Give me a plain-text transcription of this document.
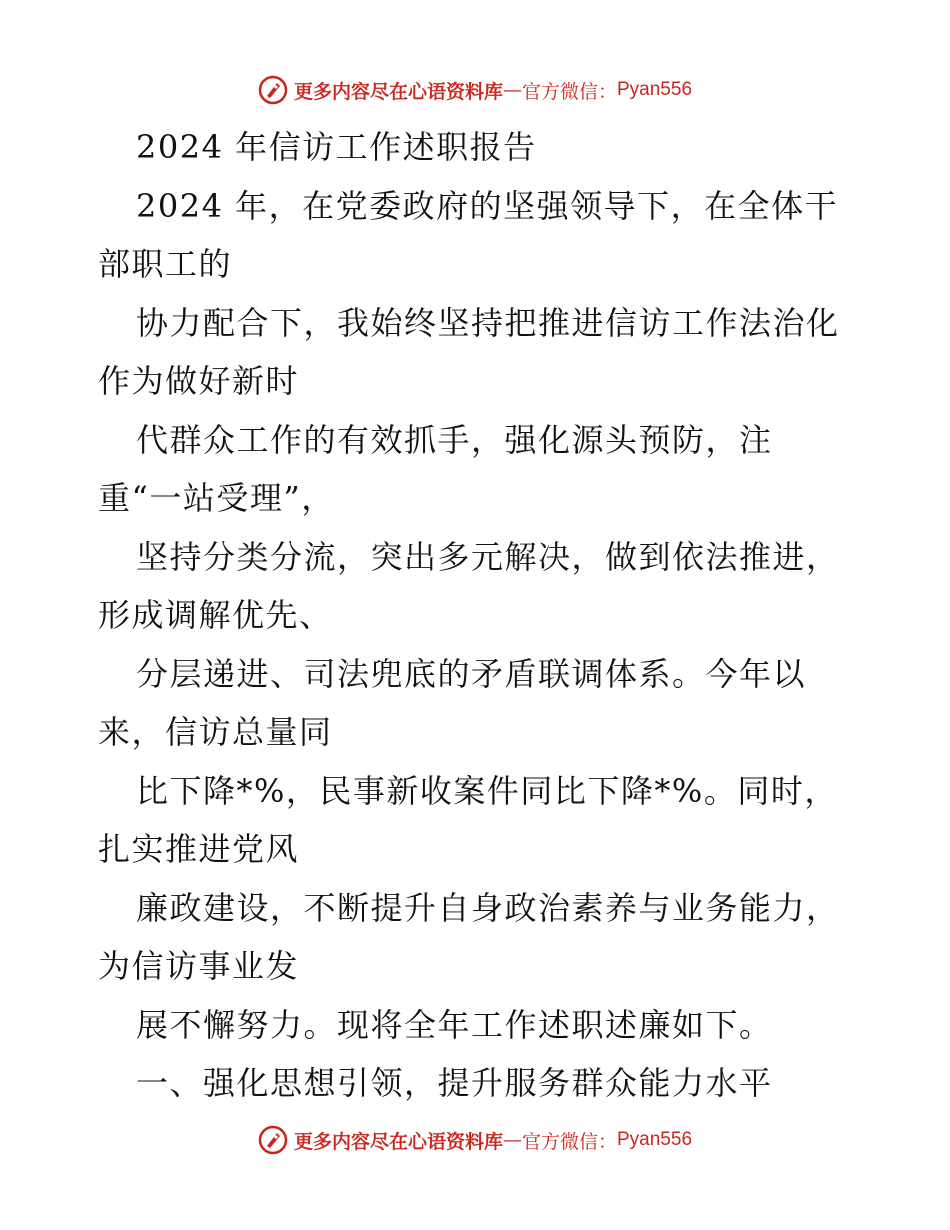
更多内容尽在心语资料库 — 官方微信： Pyan556
2024 年信访工作述职报告
2024 年，在党委政府的坚强领导下，在全体干
部职工的
协力配合下，我始终坚持把推进信访工作法治化
作为做好新时
代群众工作的有效抓手，强化源头预防，注
重“一站受理”，
坚持分类分流，突出多元解决，做到依法推进，
形成调解优先、
分层递进、司法兜底的矛盾联调体系。今年以
来，信访总量同
比下降*%，民事新收案件同比下降*%。同时，
扎实推进党风
廉政建设，不断提升自身政治素养与业务能力，
为信访事业发
展不懈努力。现将全年工作述职述廉如下。
一、强化思想引领，提升服务群众能力水平
更多内容尽在心语资料库 — 官方微信： Pyan556
